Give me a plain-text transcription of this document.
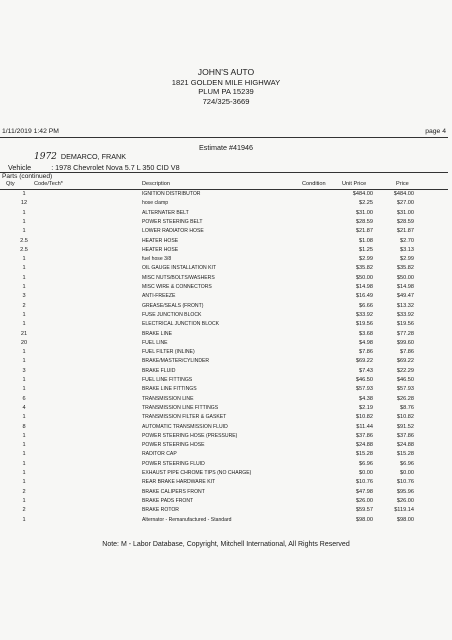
JOHN'S AUTO
1821 GOLDEN MILE HIGHWAY
PLUM PA 15239
724/325-3669
1/11/2019 1:42 PM	page 4
Estimate #41946
1972 DEMARCO, FRANK
Vehicle	: 1978 Chevrolet Nova 5.7 L 350 CID V8
Parts (continued)
Qty	Code/Tech*	Description	Condition	Unit Price	Price
1	IGNITION DISTRIBUTOR	$484.00	$484.00
12	hose clamp	$2.25	$27.00
1	ALTERNATER BELT	$31.00	$31.00
1	POWER STEERING BELT	$28.59	$28.59
1	LOWER RADIATOR HOSE	$21.87	$21.87
2.5	HEATER HOSE	$1.08	$2.70
2.5	HEATER HOSE	$1.25	$3.13
1	fuel hose 3/8	$2.99	$2.99
1	OIL GAUGE INSTALLATION KIT	$35.82	$35.82
1	MISC NUTS/BOLTS/WASHERS	$50.00	$50.00
1	MISC WIRE & CONNECTORS	$14.98	$14.98
3	ANTI-FREEZE	$16.49	$49.47
2	GREASE/SEALS (FRONT)	$6.66	$13.32
1	FUSE JUNCTION BLOCK	$33.92	$33.92
1	ELECTRICAL JUNCTION BLOCK	$19.56	$19.56
21	BRAKE LINE	$3.68	$77.28
20	FUEL LINE	$4.98	$99.60
1	FUEL FILTER (INLINE)	$7.86	$7.86
1	BRAKE/MASTER/CYLINDER	$69.22	$69.22
3	BRAKE FLUID	$7.43	$22.29
1	FUEL LINE FITTINGS	$46.50	$46.50
1	BRAKE LINE FITTINGS	$57.93	$57.93
6	TRANSMISSION LINE	$4.38	$26.28
4	TRANSMISSION LINE FITTINGS	$2.19	$8.76
1	TRANSMISSION FILTER & GASKET	$10.82	$10.82
8	AUTOMATIC TRANSMISSION FLUID	$11.44	$91.52
1	POWER STEERING HOSE (PRESSURE)	$37.86	$37.86
1	POWER STEERING HOSE	$24.88	$24.88
1	RADITOR CAP	$15.28	$15.28
1	POWER STEERING FLUID	$6.96	$6.96
1	EXHAUST PIPE CHROME TIPS (NO CHARGE)	$0.00	$0.00
1	REAR BRAKE HARDWARE KIT	$10.76	$10.76
2	BRAKE CALIPERS FRONT	$47.98	$95.96
1	BRAKE PADS FRONT	$26.00	$26.00
2	BRAKE ROTOR	$59.57	$119.14
1	Alternator - Remanufactured - Standard	$98.00	$98.00
Note: M - Labor Database, Copyright, Mitchell International, All Rights Reserved
